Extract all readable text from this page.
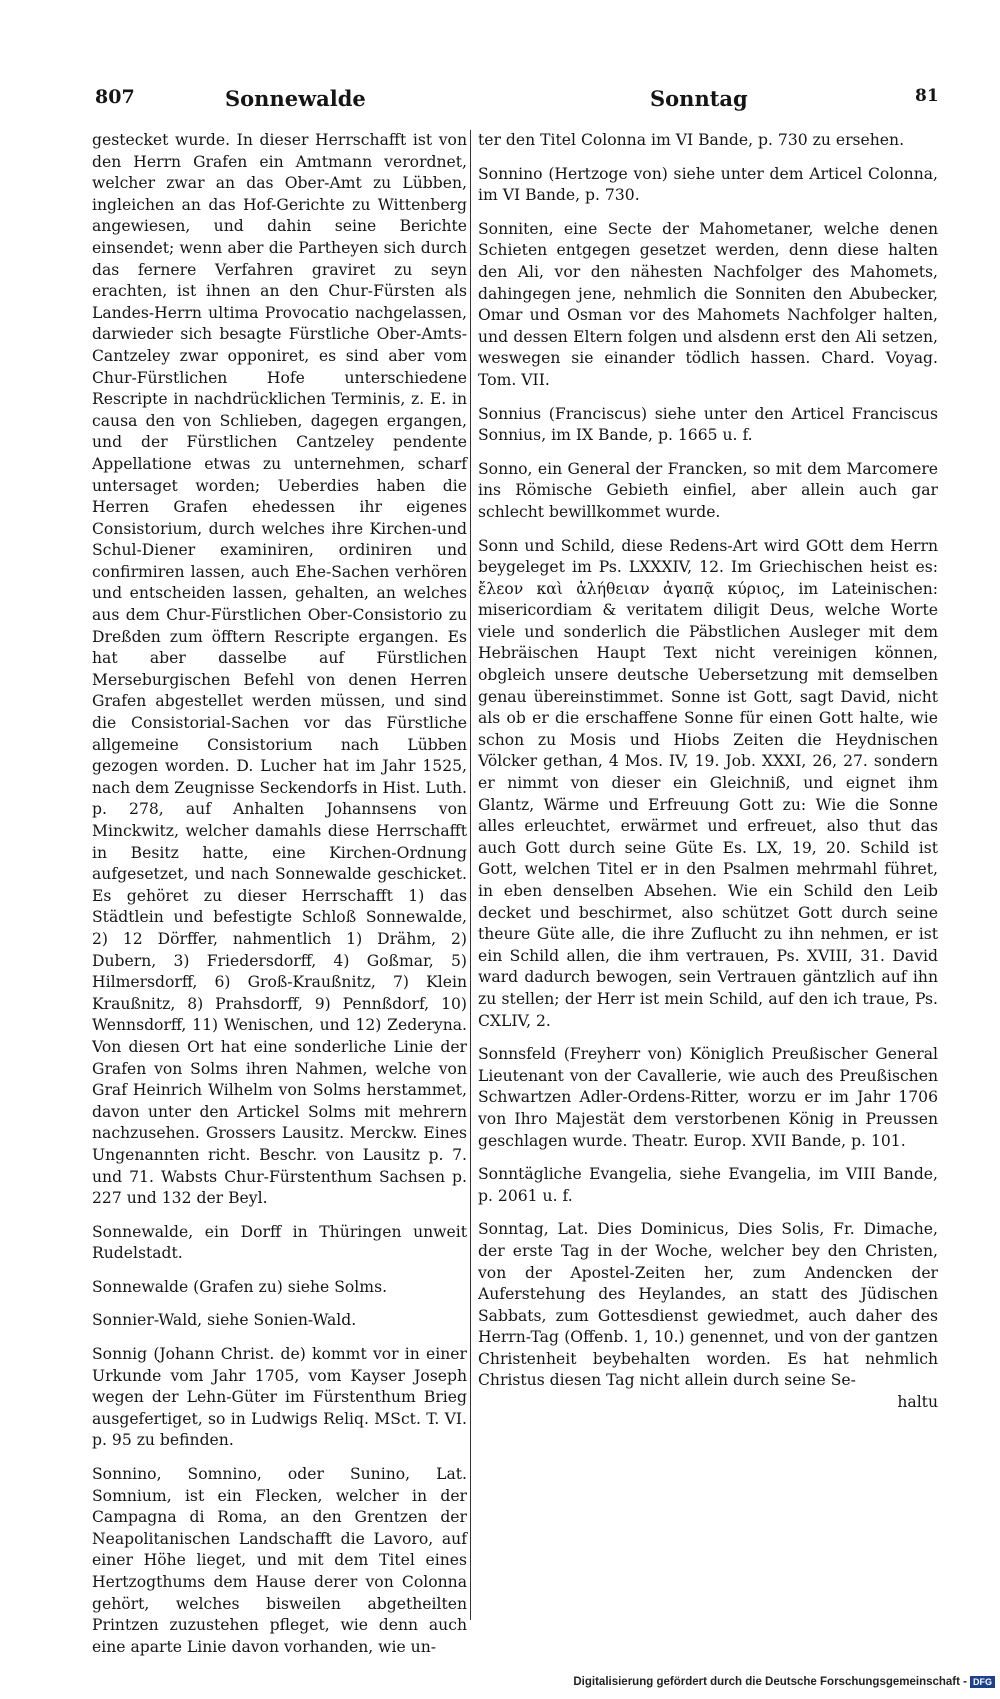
807	Sonnewalde	Sonntag	81

gestecket wurde. In dieser Herrschafft ist von den Herrn Grafen ein Amtmann verordnet, welcher zwar an das Ober-Amt zu Lübben, ingleichen an das Hof-Gerichte zu Wittenberg angewiesen, und dahin seine Berichte einsendet; wenn aber die Partheyen sich durch das fernere Verfahren graviret zu seyn erachten, ist ihnen an den Chur-Fürsten als Landes-Herrn ultima Provocatio nachgelassen, darwieder sich besagte Fürstliche Ober-Amts-Cantzeley zwar opponiret, es sind aber vom Chur-Fürstlichen Hofe unterschiedene Rescripte in nachdrücklichen Terminis, z. E. in causa den von Schlieben, dagegen ergangen, und der Fürstlichen Cantzeley pendente Appellatione etwas zu unternehmen, scharf untersaget worden; Ueberdies haben die Herren Grafen ehedessen ihr eigenes Consistorium, durch welches ihre Kirchen-und Schul-Diener examiniren, ordiniren und confirmiren lassen, auch Ehe-Sachen verhören und entscheiden lassen, gehalten, an welches aus dem Chur-Fürstlichen Ober-Consistorio zu Dreßden zum öfftern Rescripte ergangen. Es hat aber dasselbe auf Fürstlichen Merseburgischen Befehl von denen Herren Grafen abgestellet werden müssen, und sind die Consistorial-Sachen vor das Fürstliche allgemeine Consistorium nach Lübben gezogen worden. D. Lucher hat im Jahr 1525, nach dem Zeugnisse Seckendorfs in Hist. Luth. p. 278, auf Anhalten Johannsens von Minckwitz, welcher damahls diese Herrschafft in Besitz hatte, eine Kirchen-Ordnung aufgesetzet, und nach Sonnewalde geschicket. Es gehöret zu dieser Herrschafft 1) das Städtlein und befestigte Schloß Sonnewalde, 2) 12 Dörffer, nahmentlich 1) Drähm, 2) Dubern, 3) Friedersdorff, 4) Goßmar, 5) Hilmersdorff, 6) Groß-Kraußnitz, 7) Klein Kraußnitz, 8) Prahsdorff, 9) Pennßdorf, 10) Wennsdorff, 11) Wenischen, und 12) Zederyna. Von diesen Ort hat eine sonderliche Linie der Grafen von Solms ihren Nahmen, welche von Graf Heinrich Wilhelm von Solms herstammet, davon unter den Artickel Solms mit mehrern nachzusehen. Grossers Lausitz. Merckw. Eines Ungenannten richt. Beschr. von Lausitz p. 7. und 71. Wabsts Chur-Fürstenthum Sachsen p. 227 und 132 der Beyl.

Sonnewalde, ein Dorff in Thüringen unweit Rudelstadt.

Sonnewalde (Grafen zu) siehe Solms.

Sonnier-Wald, siehe Sonien-Wald.

Sonnig (Johann Christ. de) kommt vor in einer Urkunde vom Jahr 1705, vom Kayser Joseph wegen der Lehn-Güter im Fürstenthum Brieg ausgefertiget, so in Ludwigs Reliq. MSct. T. VI. p. 95 zu befinden.

Sonnino, Somnino, oder Sunino, Lat. Somnium, ist ein Flecken, welcher in der Campagna di Roma, an den Grentzen der Neapolitanischen Landschafft die Lavoro, auf einer Höhe lieget, und mit dem Titel eines Hertzogthums dem Hause derer von Colonna gehört, welches bisweilen abgetheilten Printzen zuzustehen pfleget, wie denn auch eine aparte Linie davon vorhanden, wie un-

ter den Titel Colonna im VI Bande, p. 730 zu ersehen.

Sonnino (Hertzoge von) siehe unter dem Articel Colonna, im VI Bande, p. 730.

Sonniten, eine Secte der Mahometaner, welche denen Schieten entgegen gesetzet werden, denn diese halten den Ali, vor den nähesten Nachfolger des Mahomets, dahingegen jene, nehmlich die Sonniten den Abubecker, Omar und Osman vor des Mahomets Nachfolger halten, und dessen Eltern folgen und alsdenn erst den Ali setzen, weswegen sie einander tödlich hassen. Chard. Voyag. Tom. VII.

Sonnius (Franciscus) siehe unter den Articel Franciscus Sonnius, im IX Bande, p. 1665 u. f.

Sonno, ein General der Francken, so mit dem Marcomere ins Römische Gebieth einfiel, aber allein auch gar schlecht bewillkommet wurde.

Sonn und Schild, diese Redens-Art wird GOtt dem Herrn beygeleget im Ps. LXXXIV, 12. Im Griechischen heist es: ἔλεον καὶ ἀλήθειαν ἀγαπᾷ κύριος, im Lateinischen: misericordiam & veritatem diligit Deus, welche Worte viele und sonderlich die Päbstlichen Ausleger mit dem Hebräischen Haupt Text nicht vereinigen können, obgleich unsere deutsche Uebersetzung mit demselben genau übereinstimmet. Sonne ist Gott, sagt David, nicht als ob er die erschaffene Sonne für einen Gott halte, wie schon zu Mosis und Hiobs Zeiten die Heydnischen Völcker gethan, 4 Mos. IV, 19. Job. XXXI, 26, 27. sondern er nimmt von dieser ein Gleichniß, und eignet ihm Glantz, Wärme und Erfreuung Gott zu: Wie die Sonne alles erleuchtet, erwärmet und erfreuet, also thut das auch Gott durch seine Güte Es. LX, 19, 20. Schild ist Gott, welchen Titel er in den Psalmen mehrmahl führet, in eben denselben Absehen. Wie ein Schild den Leib decket und beschirmet, also schützet Gott durch seine theure Güte alle, die ihre Zuflucht zu ihn nehmen, er ist ein Schild allen, die ihm vertrauen, Ps. XVIII, 31. David ward dadurch bewogen, sein Vertrauen gäntzlich auf ihn zu stellen; der Herr ist mein Schild, auf den ich traue, Ps. CXLIV, 2.

Sonnsfeld (Freyherr von) Königlich Preußischer General Lieutenant von der Cavallerie, wie auch des Preußischen Schwartzen Adler-Ordens-Ritter, worzu er im Jahr 1706 von Ihro Majestät dem verstorbenen König in Preussen geschlagen wurde. Theatr. Europ. XVII Bande, p. 101.

Sonntägliche Evangelia, siehe Evangelia, im VIII Bande, p. 2061 u. f.

Sonntag, Lat. Dies Dominicus, Dies Solis, Fr. Dimache, der erste Tag in der Woche, welcher bey den Christen, von der Apostel-Zeiten her, zum Andencken der Auferstehung des Heylandes, an statt des Jüdischen Sabbats, zum Gottesdienst gewiedmet, auch daher des Herrn-Tag (Offenb. 1, 10.) genennet, und von der gantzen Christenheit beybehalten worden. Es hat nehmlich Christus diesen Tag nicht allein durch seine Se-

haltu

Digitalisierung gefördert durch die Deutsche Forschungsgemeinschaft - DFG
